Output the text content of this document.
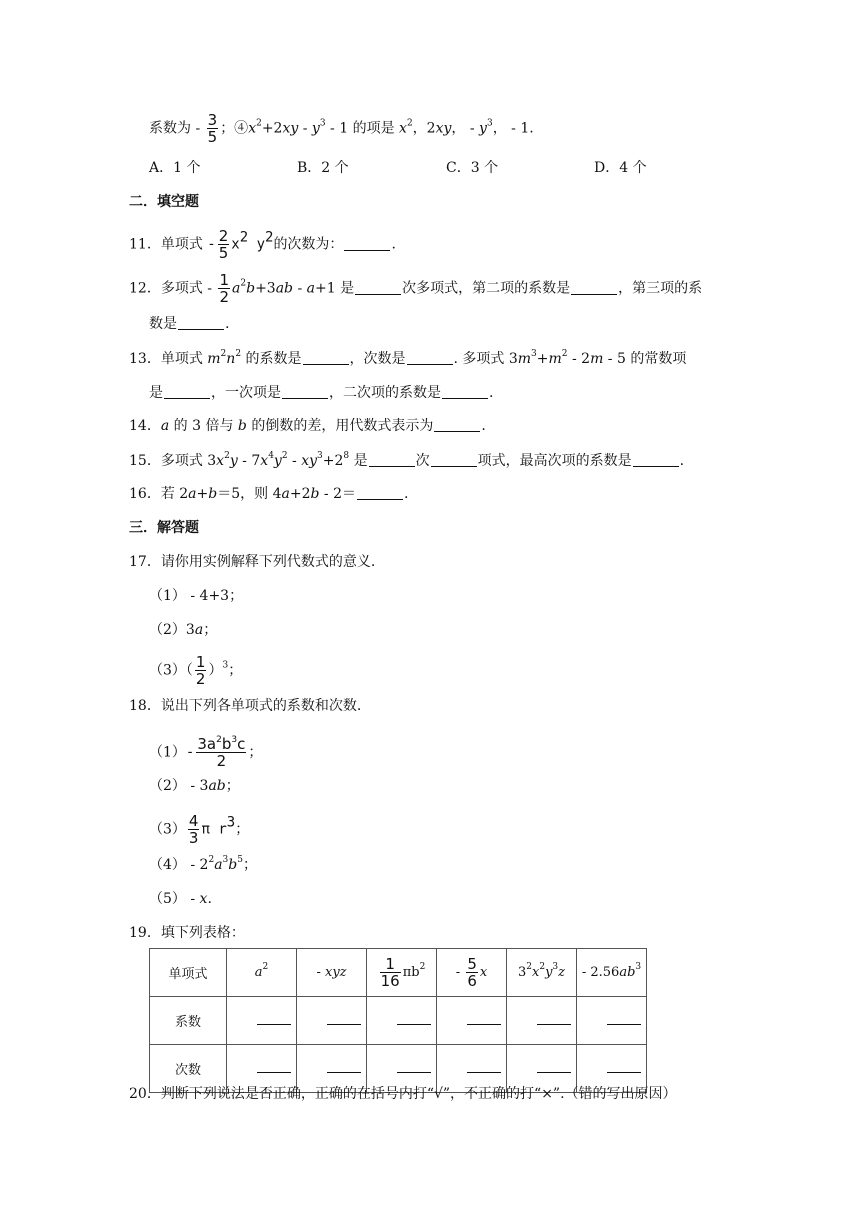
系数为 - $\frac{3}{5}$ ；$④x^2+2xy - y^3 - 1$ 的项是 $x^2$，2xy， - $y^3$， - 1.
A．1 个	B．2 个	C．3 个	D．4 个
二．填空题
11．单项式 - $\frac{2}{5} x^2$ $y^2$的次数为：	.
12．多项式 - $\frac{1}{2} a^2b+3ab - a+1$ 是	次多项式，第二项的系数是	，第三项的系
数是	.
13．单项式 $m^2n^2$ 的系数是	，次数是	. 多项式 $3m^3+m^2 - 2m - 5$ 的常数项
是	，一次项是	，二次项的系数是	.
14．a 的 3 倍与 b 的倒数的差，用代数式表示为	.
15．多项式 $3x^2y - 7x^4y^2 - xy^3+2^8$ 是	次	项式，最高次项的系数是	.
16．若 2a+b＝5，则 4a+2b - 2＝	.
三．解答题
17．请你用实例解释下列代数式的意义.
（1） - 4+3；
（2）3a；
$(3)( \frac{1}{2} )^3$；
18．说出下列各单项式的系数和次数.
$(1)- \frac{3a^2b^3c}{2}$ ；
（2） - 3ab；
$(3) \frac{4}{3}$ π $r^3$；
$(4) - 2^2a^3b^5$；
（5） - x.
19．填下列表格：
单项式	$a^2$	- xyz	$\frac{1}{16} \pi b^2$	- $\frac{5}{6}$ x	$3^2x^2y^3z$	- $2.56ab^3$
系数						
次数						
20．判断下列说法是否正确，正确的在括号内打“√”，不正确的打“×”.（错的写出原因）
